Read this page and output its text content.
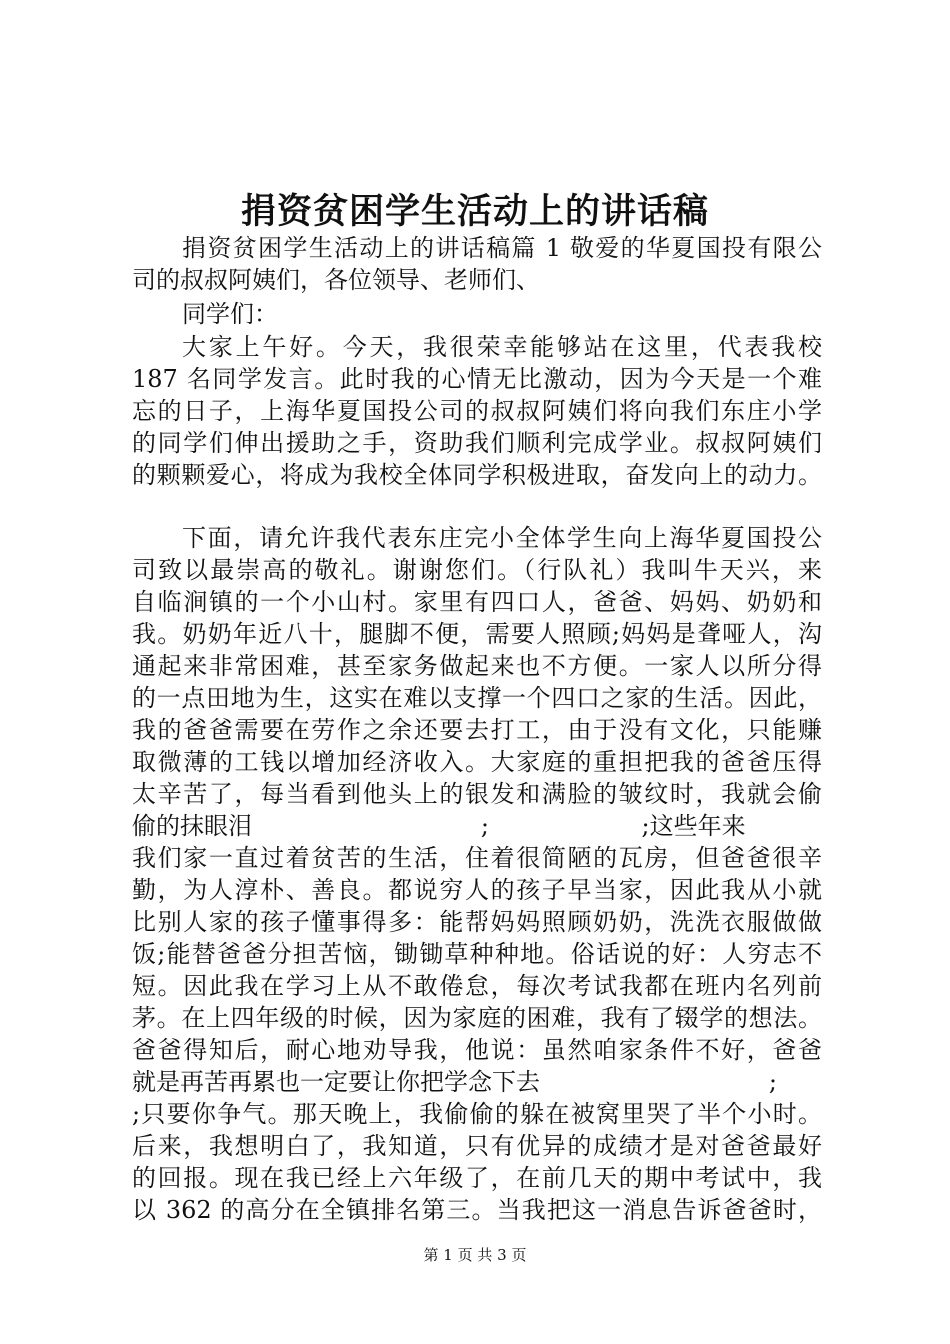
捐资贫困学生活动上的讲话稿
捐资贫困学生活动上的讲话稿篇 1 敬爱的华夏国投有限公
司的叔叔阿姨们，各位领导、老师们、
同学们：
大家上午好。今天，我很荣幸能够站在这里，代表我校
187 名同学发言。此时我的心情无比激动，因为今天是一个难
忘的日子，上海华夏国投公司的叔叔阿姨们将向我们东庄小学
的同学们伸出援助之手，资助我们顺利完成学业。叔叔阿姨们
的颗颗爱心，将成为我校全体同学积极进取，奋发向上的动力。
下面，请允许我代表东庄完小全体学生向上海华夏国投公
司致以最崇高的敬礼。谢谢您们。（行队礼）我叫牛天兴，来
自临涧镇的一个小山村。家里有四口人，爸爸、妈妈、奶奶和
我。奶奶年近八十，腿脚不便，需要人照顾;妈妈是聋哑人，沟
通起来非常困难，甚至家务做起来也不方便。一家人以所分得
的一点田地为生，这实在难以支撑一个四口之家的生活。因此，
我的爸爸需要在劳作之余还要去打工，由于没有文化，只能赚
取微薄的工钱以增加经济收入。大家庭的重担把我的爸爸压得
太辛苦了，每当看到他头上的银发和满脸的皱纹时，我就会偷
偷的抹眼泪                              ;                    ;这些年来
我们家一直过着贫苦的生活，住着很简陋的瓦房，但爸爸很辛
勤，为人淳朴、善良。都说穷人的孩子早当家，因此我从小就
比别人家的孩子懂事得多：能帮妈妈照顾奶奶，洗洗衣服做做
饭;能替爸爸分担苦恼，锄锄草种种地。俗话说的好：人穷志不
短。因此我在学习上从不敢倦怠，每次考试我都在班内名列前
茅。在上四年级的时候，因为家庭的困难，我有了辍学的想法。
爸爸得知后，耐心地劝导我，他说：虽然咱家条件不好，爸爸
就是再苦再累也一定要让你把学念下去                              ;
;只要你争气。那天晚上，我偷偷的躲在被窝里哭了半个小时。
后来，我想明白了，我知道，只有优异的成绩才是对爸爸最好
的回报。现在我已经上六年级了，在前几天的期中考试中，我
以 362 的高分在全镇排名第三。当我把这一消息告诉爸爸时，
第 1 页 共 3 页
